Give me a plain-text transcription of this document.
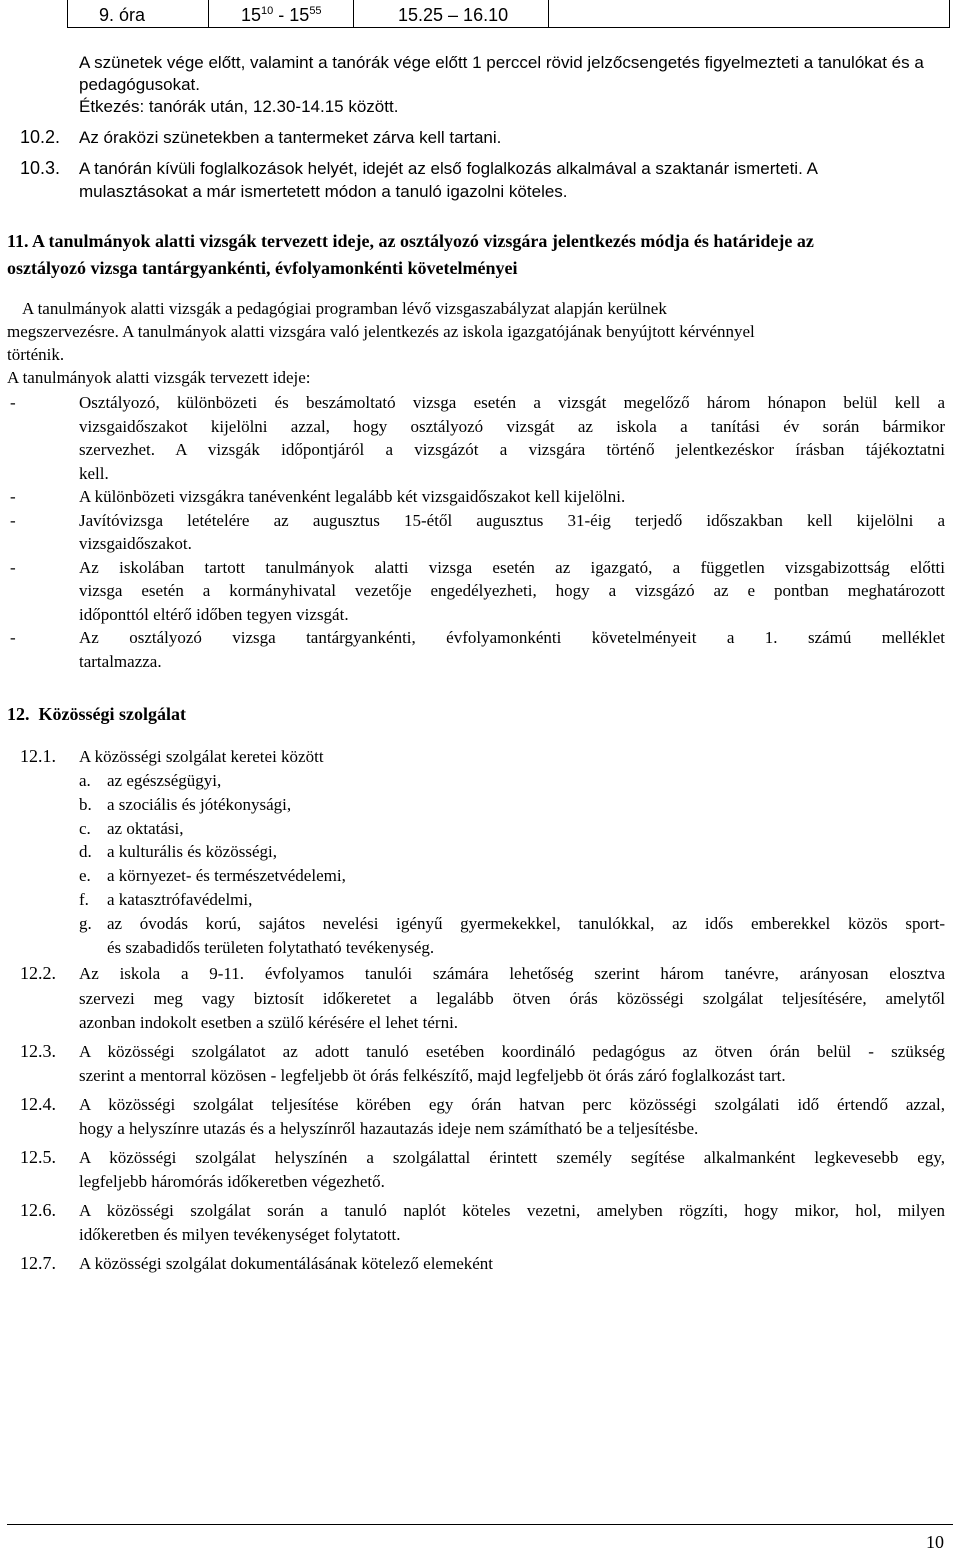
9. óra	$15^{10} - 15^{55}$	15.25 – 16.10
A szünetek vége előtt, valamint a tanórák vége előtt 1 perccel rövid jelzőcsengetés figyelmezteti a tanulókat és a pedagógusokat.
Étkezés: tanórák után, 12.30-14.15 között.
10.2. Az óraközi szünetekben a tantermeket zárva kell tartani.
10.3. A tanórán kívüli foglalkozások helyét, idejét az első foglalkozás alkalmával a szaktanár ismerteti. A
mulasztásokat a már ismertetett módon a tanuló igazolni köteles.
11. A tanulmányok alatti vizsgák tervezett ideje, az osztályozó vizsgára jelentkezés módja és határideje az
osztályozó vizsga tantárgyankénti, évfolyamonkénti követelményei
A tanulmányok alatti vizsgák a pedagógiai programban lévő vizsgaszabályzat alapján kerülnek
megszervezésre. A tanulmányok alatti vizsgára való jelentkezés az iskola igazgatójának benyújtott kérvénnyel
történik.
A tanulmányok alatti vizsgák tervezett ideje:
-	Osztályozó, különbözeti és beszámoltató vizsga esetén a vizsgát megelőző három hónapon belül kell a
vizsgaidőszakot kijelölni azzal, hogy osztályozó vizsgát az iskola a tanítási év során bármikor
szervezhet. A vizsgák időpontjáról a vizsgázót a vizsgára történő jelentkezéskor írásban tájékoztatni
kell.
-	A különbözeti vizsgákra tanévenként legalább két vizsgaidőszakot kell kijelölni.
-	Javítóvizsga letételére az augusztus 15-étől augusztus 31-éig terjedő időszakban kell kijelölni a
vizsgaidőszakot.
-	Az iskolában tartott tanulmányok alatti vizsga esetén az igazgató, a független vizsgabizottság előtti
vizsga esetén a kormányhivatal vezetője engedélyezheti, hogy a vizsgázó az e pontban meghatározott
időponttól eltérő időben tegyen vizsgát.
-	Az osztályozó vizsga tantárgyankénti, évfolyamonkénti követelményeit a 1. számú melléklet
tartalmazza.
12.  Közösségi szolgálat
12.1. A közösségi szolgálat keretei között
a. az egészségügyi,
b. a szociális és jótékonysági,
c. az oktatási,
d. a kulturális és közösségi,
e. a környezet- és természetvédelemi,
f. a katasztrófavédelmi,
g. az óvodás korú, sajátos nevelési igényű gyermekekkel, tanulókkal, az idős emberekkel közös sport-
és szabadidős területen folytatható tevékenység.
12.2. Az iskola a 9-11. évfolyamos tanulói számára lehetőség szerint három tanévre, arányosan elosztva
szervezi meg vagy biztosít időkeretet a legalább ötven órás közösségi szolgálat teljesítésére, amelytől
azonban indokolt esetben a szülő kérésére el lehet térni.
12.3. A közösségi szolgálatot az adott tanuló esetében koordináló pedagógus az ötven órán belül - szükség
szerint a mentorral közösen - legfeljebb öt órás felkészítő, majd legfeljebb öt órás záró foglalkozást tart.
12.4. A közösségi szolgálat teljesítése körében egy órán hatvan perc közösségi szolgálati idő értendő azzal,
hogy a helyszínre utazás és a helyszínről hazautazás ideje nem számítható be a teljesítésbe.
12.5. A közösségi szolgálat helyszínén a szolgálattal érintett személy segítése alkalmanként legkevesebb egy,
legfeljebb háromórás időkeretben végezhető.
12.6. A közösségi szolgálat során a tanuló naplót köteles vezetni, amelyben rögzíti, hogy mikor, hol, milyen
időkeretben és milyen tevékenységet folytatott.
12.7. A közösségi szolgálat dokumentálásának kötelező elemeként
10
